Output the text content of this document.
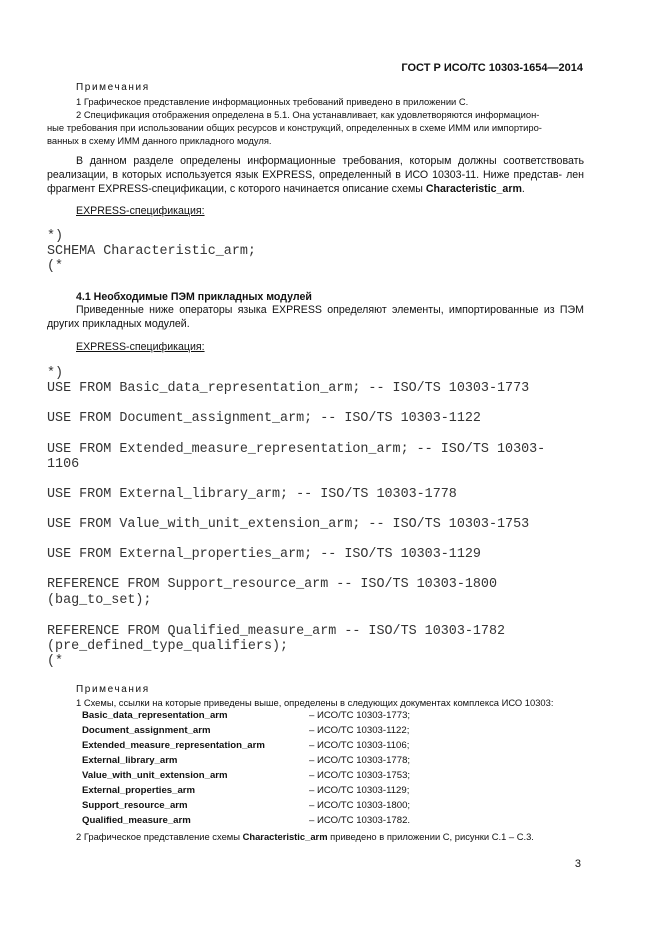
ГОСТ Р ИСО/ТС 10303-1654—2014
Примечания
1 Графическое представление информационных требований приведено в приложении С.
2 Спецификация отображения определена в 5.1. Она устанавливает, как удовлетворяются информацион-
ные требования при использовании общих ресурсов и конструкций, определенных в схеме ИММ или импортиро-
ванных в схему ИММ данного прикладного модуля.
В данном разделе определены информационные требования, которым должны соответствовать реализации, в которых используется язык EXPRESS, определенный в ИСО 10303-11. Ниже представ- лен фрагмент EXPRESS-спецификации, с которого начинается описание схемы Characteristic_arm.
EXPRESS-спецификация:
*)
SCHEMA Characteristic_arm;
(*
4.1 Необходимые ПЭМ прикладных модулей
Приведенные ниже операторы языка EXPRESS определяют элементы, импортированные из ПЭМ других прикладных модулей.
EXPRESS-спецификация:
*)
USE FROM Basic_data_representation_arm; -- ISO/TS 10303-1773
USE FROM Document_assignment_arm; -- ISO/TS 10303-1122
USE FROM Extended_measure_representation_arm; -- ISO/TS 10303-
1106
USE FROM External_library_arm; -- ISO/TS 10303-1778
USE FROM Value_with_unit_extension_arm; -- ISO/TS 10303-1753
USE FROM External_properties_arm; -- ISO/TS 10303-1129
REFERENCE FROM Support_resource_arm -- ISO/TS 10303-1800
(bag_to_set);
REFERENCE FROM Qualified_measure_arm -- ISO/TS 10303-1782
(pre_defined_type_qualifiers);
(*
Примечания
1 Схемы, ссылки на которые приведены выше, определены в следующих документах комплекса ИСО 10303:
Basic_data_representation_arm	– ИСО/ТС 10303-1773;
Document_assignment_arm	– ИСО/ТС 10303-1122;
Extended_measure_representation_arm	– ИСО/ТС 10303-1106;
External_library_arm	– ИСО/ТС 10303-1778;
Value_with_unit_extension_arm	– ИСО/ТС 10303-1753;
External_properties_arm	– ИСО/ТС 10303-1129;
Support_resource_arm	– ИСО/ТС 10303-1800;
Qualified_measure_arm	– ИСО/ТС 10303-1782.
2 Графическое представление схемы Characteristic_arm приведено в приложении С, рисунки С.1 – С.3.
3
